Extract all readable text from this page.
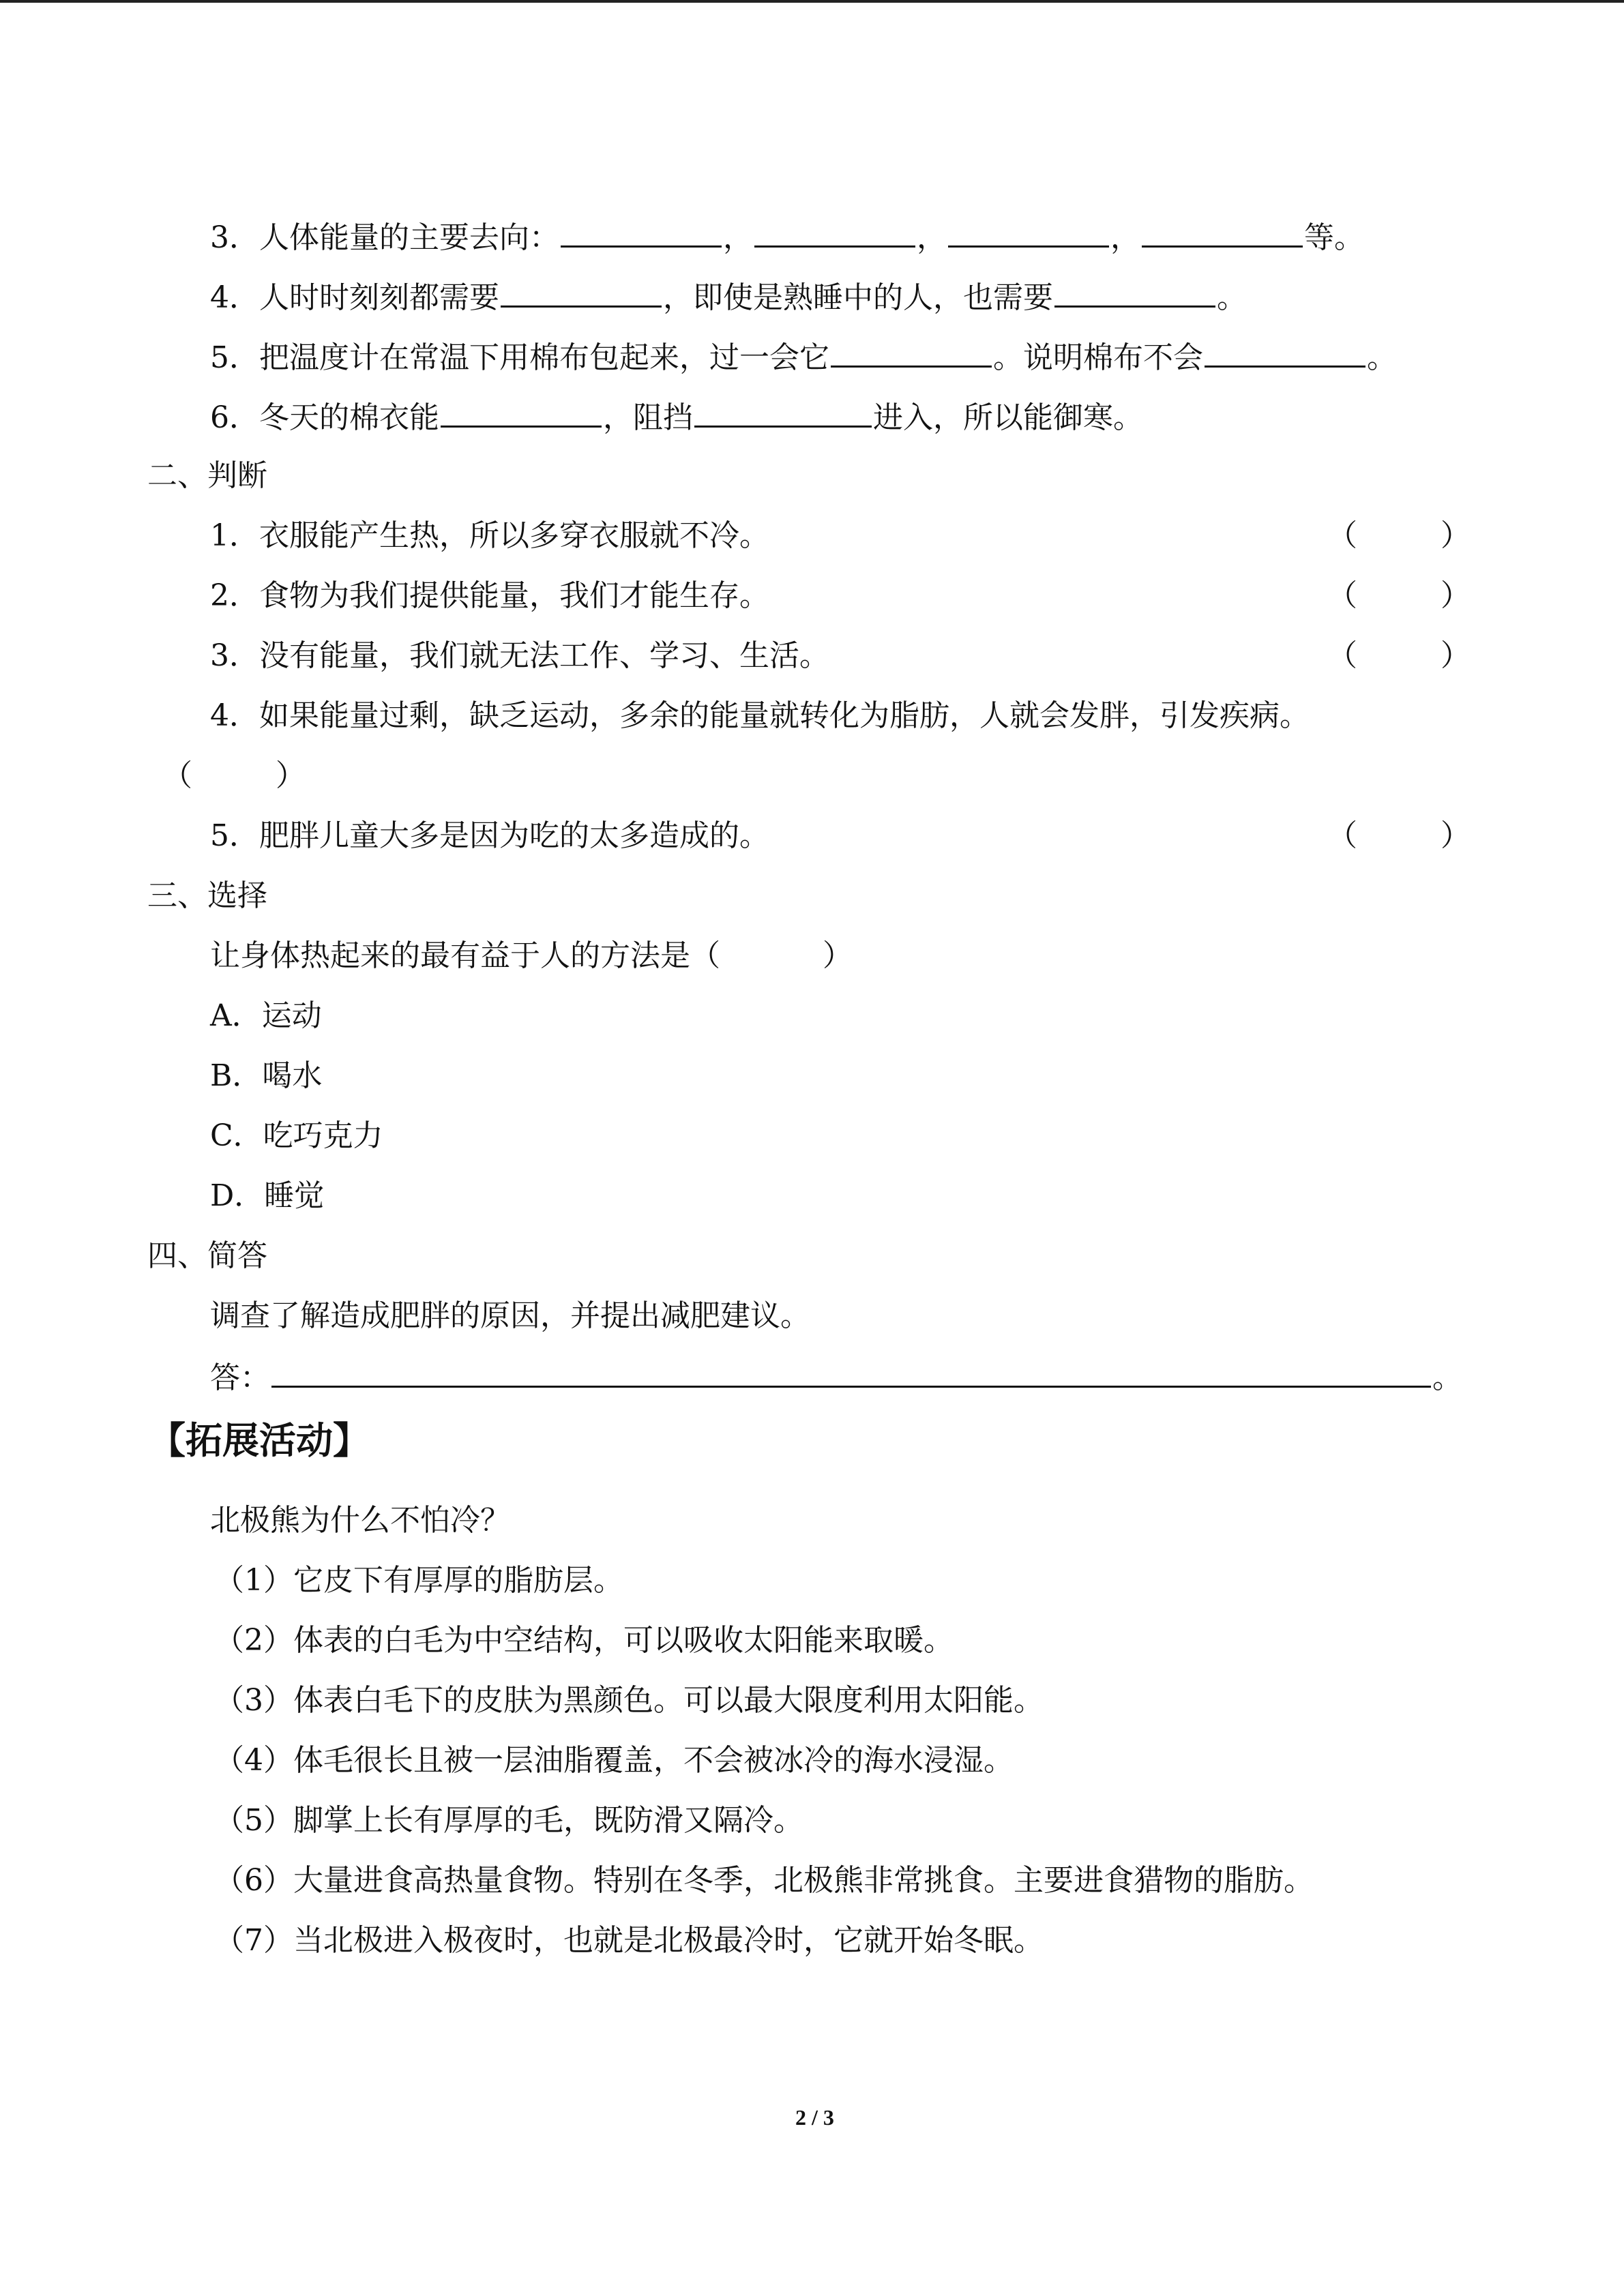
3．人体能量的主要去向：	，	，	，	等。
4．人时时刻刻都需要	，即使是熟睡中的人，也需要	。
5．把温度计在常温下用棉布包起来，过一会它	。说明棉布不会	。
6．冬天的棉衣能	，阻挡	进入，所以能御寒。
二、判断
1．衣服能产生热，所以多穿衣服就不冷。	（	）
2．食物为我们提供能量，我们才能生存。	（	）
3．没有能量，我们就无法工作、学习、生活。	（	）
4．如果能量过剩，缺乏运动，多余的能量就转化为脂肪，人就会发胖，引发疾病。
（	）
5．肥胖儿童大多是因为吃的太多造成的。	（	）
三、选择
让身体热起来的最有益于人的方法是（	）
A．运动
B．喝水
C．吃巧克力
D．睡觉
四、简答
调查了解造成肥胖的原因，并提出减肥建议。
答：	。
【拓展活动】
北极熊为什么不怕冷？
（1）它皮下有厚厚的脂肪层。
（2）体表的白毛为中空结构，可以吸收太阳能来取暖。
（3）体表白毛下的皮肤为黑颜色。可以最大限度利用太阳能。
（4）体毛很长且被一层油脂覆盖，不会被冰冷的海水浸湿。
（5）脚掌上长有厚厚的毛，既防滑又隔冷。
（6）大量进食高热量食物。特别在冬季，北极熊非常挑食。主要进食猎物的脂肪。
（7）当北极进入极夜时，也就是北极最冷时，它就开始冬眠。
2 / 3
